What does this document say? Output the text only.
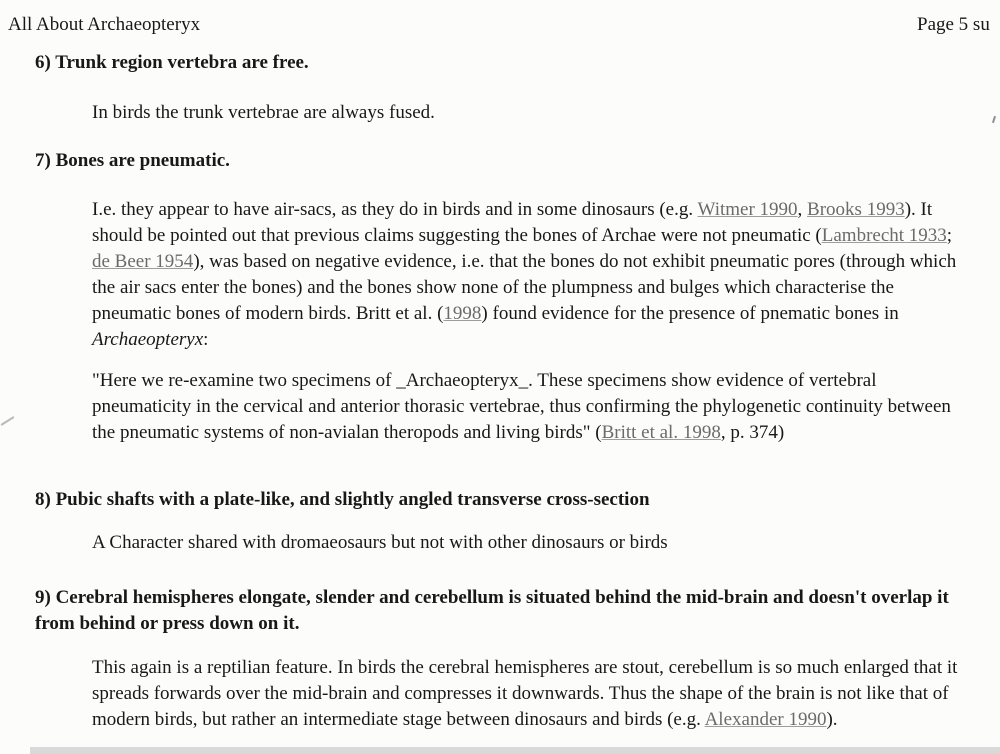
All About Archaeopteryx	Page 5 su
6) Trunk region vertebra are free.

In birds the trunk vertebrae are always fused.

7) Bones are pneumatic.

I.e. they appear to have air-sacs, as they do in birds and in some dinosaurs (e.g. Witmer 1990, Brooks 1993). It should be pointed out that previous claims suggesting the bones of Archae were not pneumatic (Lambrecht 1933; de Beer 1954), was based on negative evidence, i.e. that the bones do not exhibit pneumatic pores (through which the air sacs enter the bones) and the bones show none of the plumpness and bulges which characterise the pneumatic bones of modern birds. Britt et al. (1998) found evidence for the presence of pnematic bones in Archaeopteryx:

"Here we re-examine two specimens of _Archaeopteryx_. These specimens show evidence of vertebral pneumaticity in the cervical and anterior thorasic vertebrae, thus confirming the phylogenetic continuity between the pneumatic systems of non-avialan theropods and living birds" (Britt et al. 1998, p. 374)

8) Pubic shafts with a plate-like, and slightly angled transverse cross-section

A Character shared with dromaeosaurs but not with other dinosaurs or birds

9) Cerebral hemispheres elongate, slender and cerebellum is situated behind the mid-brain and doesn't overlap it from behind or press down on it.

This again is a reptilian feature. In birds the cerebral hemispheres are stout, cerebellum is so much enlarged that it spreads forwards over the mid-brain and compresses it downwards. Thus the shape of the brain is not like that of modern birds, but rather an intermediate stage between dinosaurs and birds (e.g. Alexander 1990).
